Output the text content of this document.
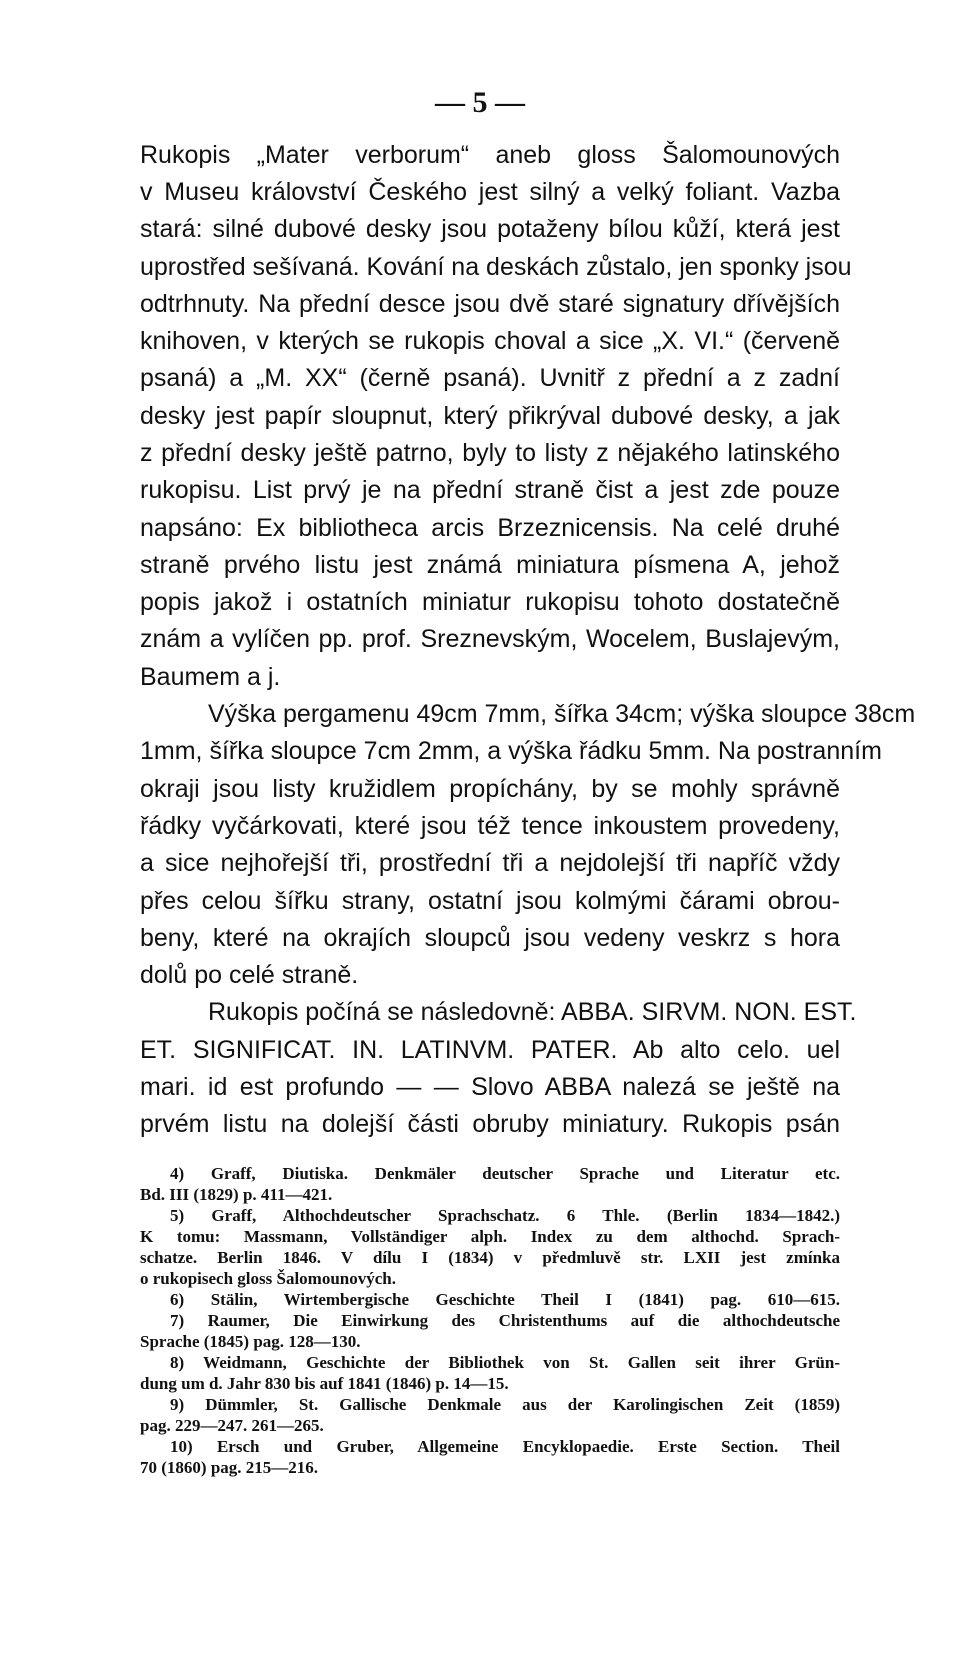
— 5 —
Rukopis „Mater verborum“ aneb gloss Šalomounových
v Museu království Českého jest silný a velký foliant. Vazba
stará: silné dubové desky jsou potaženy bílou kůží, která jest
uprostřed sešívaná. Kování na deskách zůstalo, jen sponky jsou
odtrhnuty. Na přední desce jsou dvě staré signatury dřívějších
knihoven, v kterých se rukopis choval a sice „X. VI.“ (červeně
psaná) a „M. XX“ (černě psaná). Uvnitř z přední a z zadní
desky jest papír sloupnut, který přikrýval dubové desky, a jak
z přední desky ještě patrno, byly to listy z nějakého latinského
rukopisu. List prvý je na přední straně čist a jest zde pouze
napsáno: Ex bibliotheca arcis Brzeznicensis. Na celé druhé
straně prvého listu jest známá miniatura písmena A, jehož
popis jakož i ostatních miniatur rukopisu tohoto dostatečně
znám a vylíčen pp. prof. Sreznevským, Wocelem, Buslajevým,
Baumem a j.
Výška pergamenu 49cm 7mm, šířka 34cm; výška sloupce 38cm
1mm, šířka sloupce 7cm 2mm, a výška řádku 5mm. Na postranním
okraji jsou listy kružidlem propíchány, by se mohly správně
řádky vyčárkovati, které jsou též tence inkoustem provedeny,
a sice nejhořejší tři, prostřední tři a nejdolejší tři napříč vždy
přes celou šířku strany, ostatní jsou kolmými čárami obrou-
beny, které na okrajích sloupců jsou vedeny veskrz s hora
dolů po celé straně.
Rukopis počíná se následovně: ABBA. SIRVM. NON. EST.
ET. SIGNIFICAT. IN. LATINVM. PATER. Ab alto celo. uel
mari. id est profundo — — Slovo ABBA nalezá se ještě na
prvém listu na dolejší části obruby miniatury. Rukopis psán
4) Graff, Diutiska. Denkmäler deutscher Sprache und Literatur etc.
Bd. III (1829) p. 411—421.
5) Graff, Althochdeutscher Sprachschatz. 6 Thle. (Berlin 1834—1842.)
K tomu: Massmann, Vollständiger alph. Index zu dem althochd. Sprach-
schatze. Berlin 1846. V dílu I (1834) v předmluvě str. LXII jest zmínka
o rukopisech gloss Šalomounových.
6) Stälin, Wirtembergische Geschichte Theil I (1841) pag. 610—615.
7) Raumer, Die Einwirkung des Christenthums auf die althochdeutsche
Sprache (1845) pag. 128—130.
8) Weidmann, Geschichte der Bibliothek von St. Gallen seit ihrer Grün-
dung um d. Jahr 830 bis auf 1841 (1846) p. 14—15.
9) Dümmler, St. Gallische Denkmale aus der Karolingischen Zeit (1859)
pag. 229—247. 261—265.
10) Ersch und Gruber, Allgemeine Encyklopaedie. Erste Section. Theil
70 (1860) pag. 215—216.
